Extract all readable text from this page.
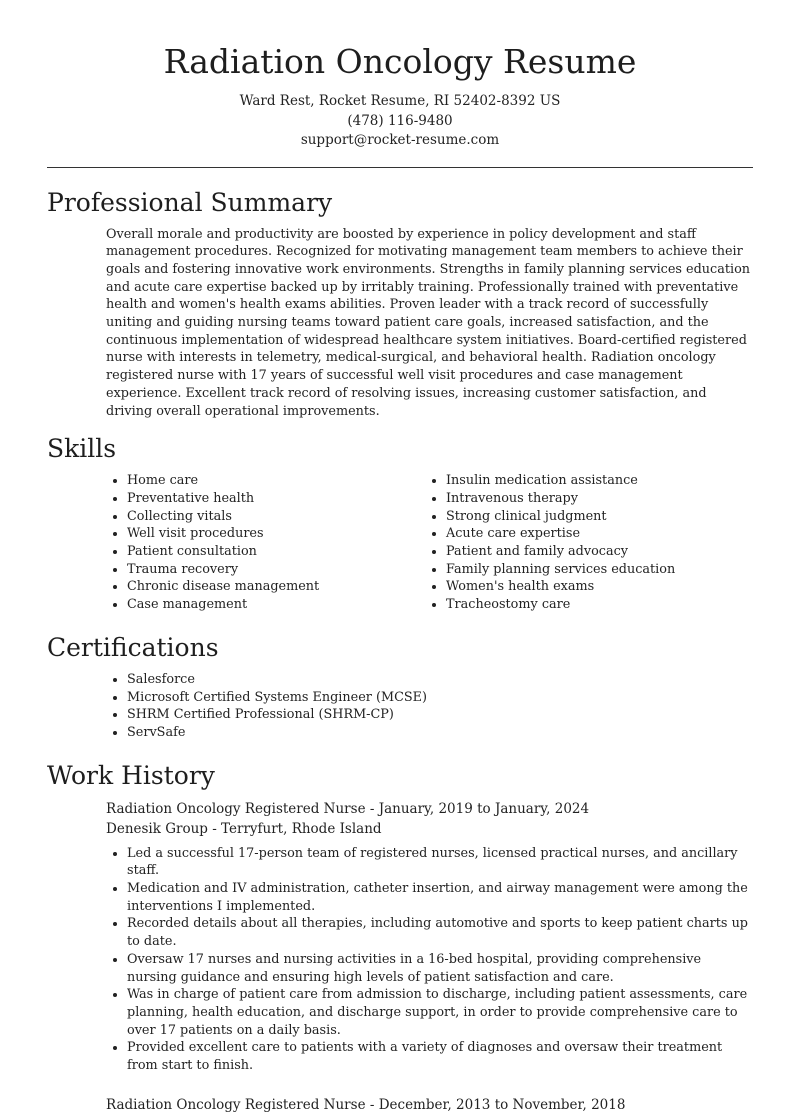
Radiation Oncology Resume
Ward Rest, Rocket Resume, RI 52402-8392 US
(478) 116-9480
support@rocket-resume.com
Professional Summary

Overall morale and productivity are boosted by experience in policy development and staff management procedures. Recognized for motivating management team members to achieve their goals and fostering innovative work environments. Strengths in family planning services education and acute care expertise backed up by irritably training. Professionally trained with preventative health and women's health exams abilities. Proven leader with a track record of successfully uniting and guiding nursing teams toward patient care goals, increased satisfaction, and the continuous implementation of widespread healthcare system initiatives. Board-certified registered nurse with interests in telemetry, medical-surgical, and behavioral health. Radiation oncology registered nurse with 17 years of successful well visit procedures and case management experience. Excellent track record of resolving issues, increasing customer satisfaction, and driving overall operational improvements.

Skills
• Home care
• Preventative health
• Collecting vitals
• Well visit procedures
• Patient consultation
• Trauma recovery
• Chronic disease management
• Case management
• Insulin medication assistance
• Intravenous therapy
• Strong clinical judgment
• Acute care expertise
• Patient and family advocacy
• Family planning services education
• Women's health exams
• Tracheostomy care
Certifications
• Salesforce
• Microsoft Certified Systems Engineer (MCSE)
• SHRM Certified Professional (SHRM-CP)
• ServSafe
Work History
Radiation Oncology Registered Nurse - January, 2019 to January, 2024
Denesik Group - Terryfurt, Rhode Island
• Led a successful 17-person team of registered nurses, licensed practical nurses, and ancillary staff.
• Medication and IV administration, catheter insertion, and airway management were among the interventions I implemented.
• Recorded details about all therapies, including automotive and sports to keep patient charts up to date.
• Oversaw 17 nurses and nursing activities in a 16-bed hospital, providing comprehensive nursing guidance and ensuring high levels of patient satisfaction and care.
• Was in charge of patient care from admission to discharge, including patient assessments, care planning, health education, and discharge support, in order to provide comprehensive care to over 17 patients on a daily basis.
• Provided excellent care to patients with a variety of diagnoses and oversaw their treatment from start to finish.
Radiation Oncology Registered Nurse - December, 2013 to November, 2018
